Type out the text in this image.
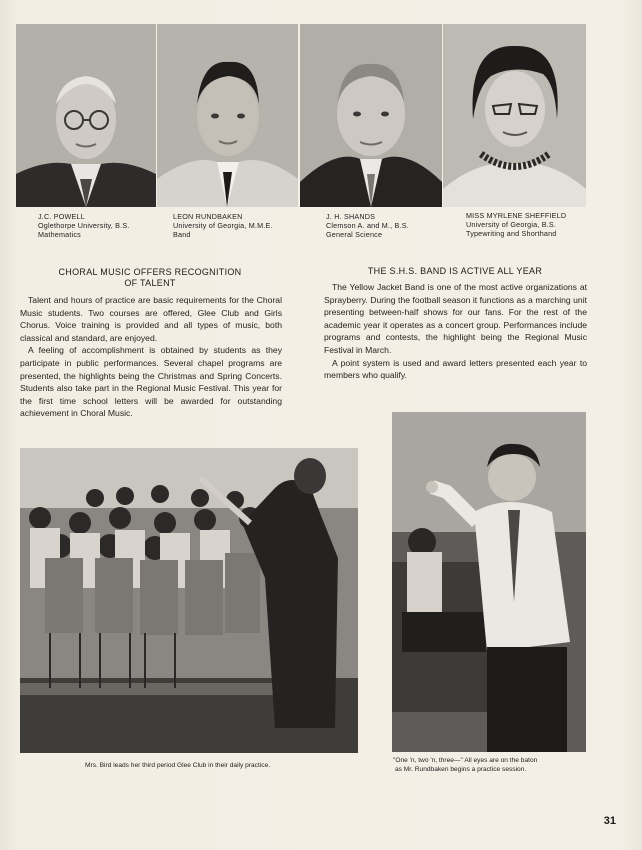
J.C. POWELL
Oglethorpe University, B.S.
Mathematics
LEON RUNDBAKEN
University of Georgia, M.M.E.
Band
J. H. SHANDS
Clemson A. and M., B.S.
General Science
MISS MYRLENE SHEFFIELD
University of Georgia, B.S.
Typewriting and Shorthand
CHORAL MUSIC OFFERS RECOGNITION
OF TALENT

Talent and hours of practice are basic requirements for the Choral Music students. Two courses are offered, Glee Club and Girls Chorus. Voice training is provided and all types of music, both classical and standard, are enjoyed.

A feeling of accomplishment is obtained by students as they participate in public performances. Several chapel programs are presented, the highlights being the Christmas and Spring Concerts. Students also take part in the Regional Music Festival. This year for the first time school letters will be awarded for outstanding achievement in Choral Music.

THE S.H.S. BAND IS ACTIVE ALL YEAR

The Yellow Jacket Band is one of the most active organizations at Sprayberry. During the football season it functions as a marching unit presenting between-half shows for our fans. For the rest of the academic year it operates as a concert group. Performances include programs and contests, the highlight being the Regional Music Festival in March.

A point system is used and award letters presented each year to members who qualify.

Mrs. Bird leads her third period Glee Club in their daily practice.
"One 'n, two 'n, three—" All eyes are on the baton
as Mr. Rundbaken begins a practice session.
31
